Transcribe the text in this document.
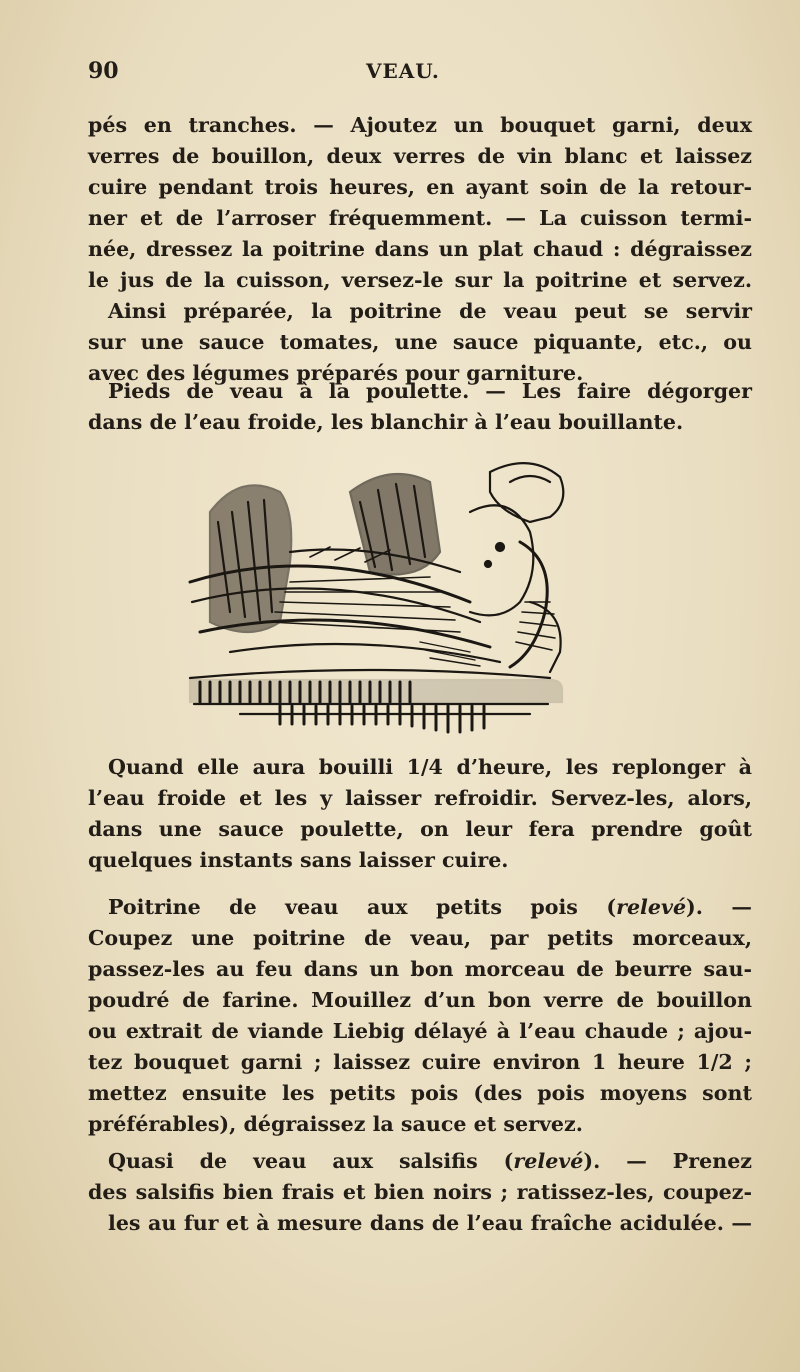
90	VEAU.
pés en tranches. — Ajoutez un bouquet garni, deux
verres de bouillon, deux verres de vin blanc et laissez
cuire pendant trois heures, en ayant soin de la retour-
ner et de l’arroser fréquemment. — La cuisson termi-
née, dressez la poitrine dans un plat chaud : dégraissez
le jus de la cuisson, versez-le sur la poitrine et servez.
Ainsi préparée, la poitrine de veau peut se servir
sur une sauce tomates, une sauce piquante, etc., ou
avec des légumes préparés pour garniture.
Pieds de veau à la poulette. — Les faire dégorger
dans de l’eau froide, les blanchir à l’eau bouillante.
Quand elle aura bouilli 1/4 d’heure, les replonger à
l’eau froide et les y laisser refroidir. Servez-les, alors,
dans une sauce poulette, on leur fera prendre goût
quelques instants sans laisser cuire.
Poitrine de veau aux petits pois (relevé). —
Coupez une poitrine de veau, par petits morceaux,
passez-les au feu dans un bon morceau de beurre sau-
poudré de farine. Mouillez d’un bon verre de bouillon
ou extrait de viande Liebig délayé à l’eau chaude ; ajou-
tez bouquet garni ; laissez cuire environ 1 heure 1/2 ;
mettez ensuite les petits pois (des pois moyens sont
préférables), dégraissez la sauce et servez.
Quasi de veau aux salsifis (relevé). — Prenez
des salsifis bien frais et bien noirs ; ratissez-les, coupez-
les au fur et à mesure dans de l’eau fraîche acidulée. —
